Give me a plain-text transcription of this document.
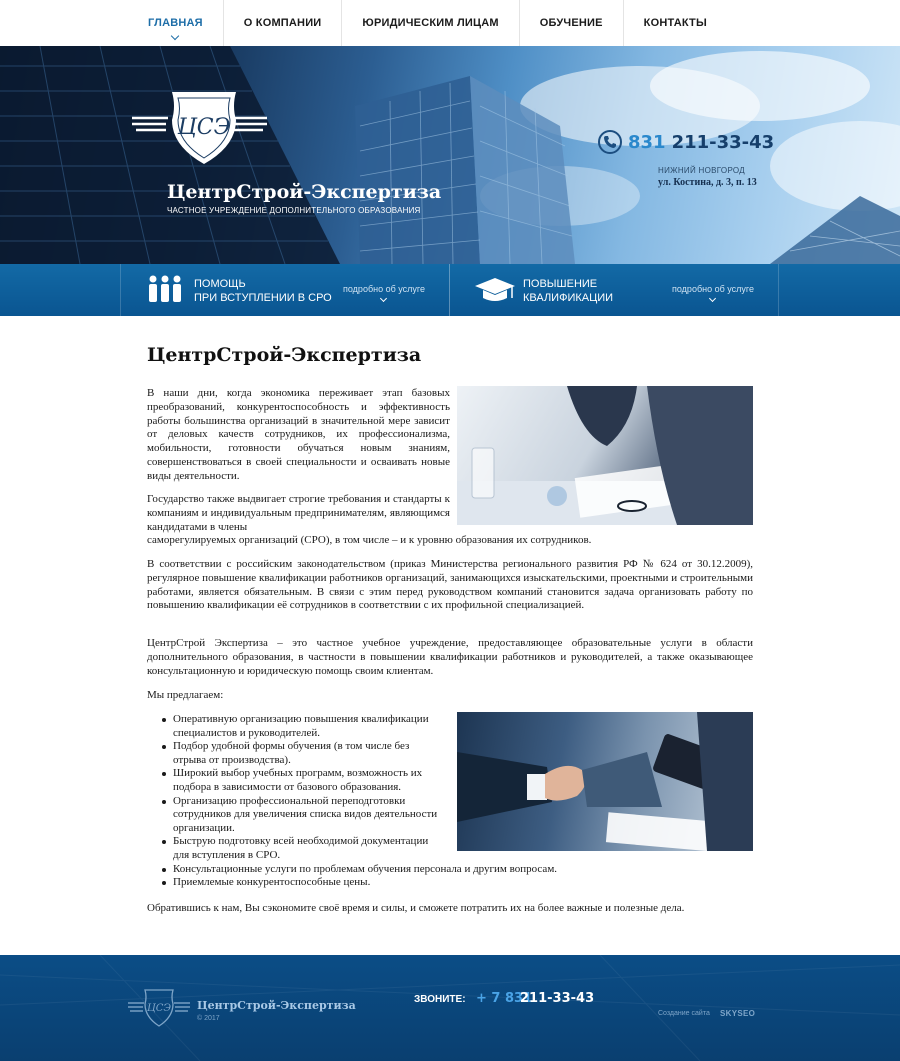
ГЛАВНАЯ	О КОМПАНИИ	ЮРИДИЧЕСКИМ ЛИЦАМ	ОБУЧЕНИЕ	КОНТАКТЫ
ЦСЭ
ЦентрСтрой-Экспертиза
ЧАСТНОЕ УЧРЕЖДЕНИЕ ДОПОЛНИТЕЛЬНОГО ОБРАЗОВАНИЯ
831 211-33-43
НИЖНИЙ НОВГОРОД
ул. Костина, д. 3, п. 13
ПОМОЩЬ
ПРИ ВСТУПЛЕНИИ В СРО
подробно об услуге	ПОВЫШЕНИЕ
КВАЛИФИКАЦИИ
подробно об услуге
ЦентрСтрой-Экспертиза

В наши дни, когда экономика переживает этап базовых преобразований, конкурентоспособность и эффективность работы большинства организаций в значительной мере зависит от деловых качеств сотрудников, их профессионализма, мобильности, готовности обучаться новым знаниям, совершенствоваться в своей специальности и осваивать новые виды деятельности.

Государство также выдвигает строгие требования и стандарты к компаниям и индивидуальным предпринимателям, являющимся кандидатами в члены
саморегулируемых организаций (СРО), в том числе – и к уровню образования их сотрудников.

В соответствии с российским законодательством (приказ Министерства регионального развития РФ № 624 от 30.12.2009), регулярное повышение квалификации работников организаций, занимающихся изыскательскими, проектными и строительными работами, является обязательным. В связи с этим перед руководством компаний становится задача организовать работу по повышению квалификации её сотрудников в соответствии с их профильной специализацией.

ЦентрСтрой Экспертиза – это частное учебное учреждение, предоставляющее образовательные услуги в области дополнительного образования, в частности в повышении квалификации работников и руководителей, а также оказывающее консультационную и юридическую помощь своим клиентам.

Мы предлагаем:

Оперативную организацию повышения квалификации специалистов и руководителей.
Подбор удобной формы обучения (в том числе без отрыва от производства).
Широкий выбор учебных программ, возможность их подбора в зависимости от базового образования.
Организацию профессиональной переподготовки сотрудников для увеличения списка видов деятельности организации.
Быструю подготовку всей необходимой документации для вступления в СРО.
Консультационные услуги по проблемам обучения персонала и другим вопросам.
Приемлемые конкурентоспособные цены.

Обратившись к нам, Вы сэкономите своё время и силы, и сможете потратить их на более важные и полезные дела.

ЦСЭ ЦентрСтрой-Экспертиза
© 2017
ЗВОНИТЕ: + 7 831
211-33-43
Создание сайта SKYSEO
